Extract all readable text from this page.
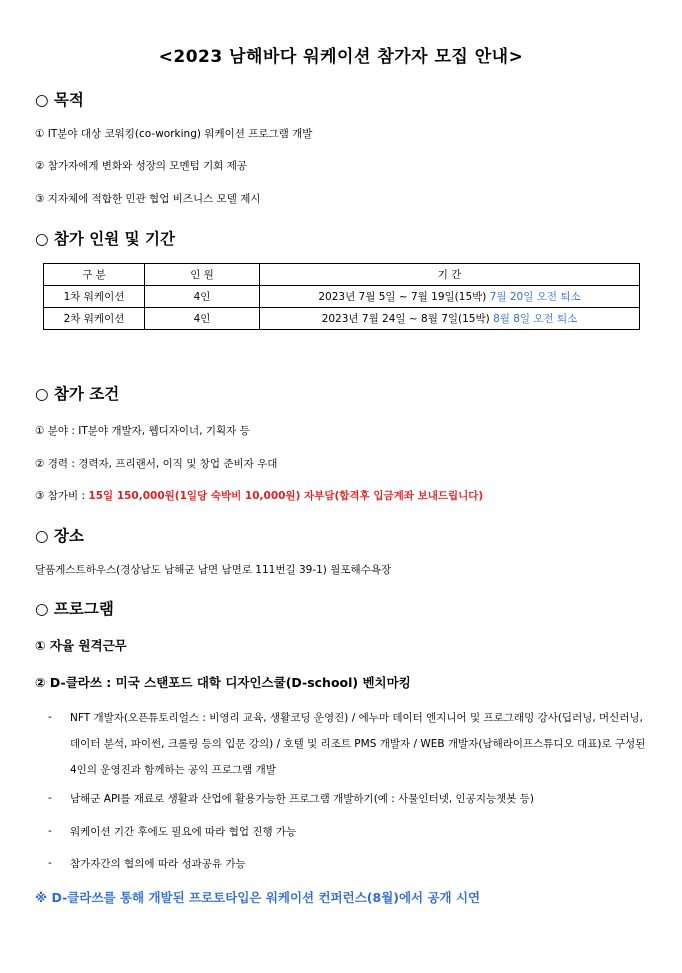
<2023 남해바다 워케이션 참가자 모집 안내>
○ 목적
① IT분야 대상 코워킹(co-working) 워케이션 프로그램 개발
② 참가자에게 변화와 성장의 모멘텀 기회 제공
③ 지자체에 적합한 민관 협업 비즈니스 모델 제시
○ 참가 인원 및 기간
구 분	인 원	기 간
1차 워케이션	4인	2023년 7월 5일 ~ 7월 19일(15박) 7월 20일 오전 퇴소
2차 워케이션	4인	2023년 7월 24일 ~ 8월 7일(15박) 8월 8일 오전 퇴소
○ 참가 조건
① 분야 : IT분야 개발자, 웹디자이너, 기획자 등
② 경력 : 경력자, 프리랜서, 이직 및 창업 준비자 우대
③ 참가비 : 15일 150,000원(1일당 숙박비 10,000원) 자부담(합격후 입금계좌 보내드립니다)
○ 장소
달품게스트하우스(경상남도 남해군 남면 남면로 111번길 39-1) 월포해수욕장
○ 프로그램
① 자율 원격근무
② D-클라쓰 : 미국 스탠포드 대학 디자인스쿨(D-school) 벤치마킹
- NFT 개발자(오픈튜토리얼스 : 비영리 교육, 생활코딩 운영진) / 에누마 데이터 엔지니어 및 프로그래밍 강사(딥러닝, 머신러닝, 데이터 분석, 파이썬, 크롤링 등의 입문 강의) / 호텔 및 리조트 PMS 개발자 / WEB 개발자(남해라이프스튜디오 대표)로 구성된 4인의 운영진과 함께하는 공익 프로그램 개발
- 남해군 API를 재료로 생활과 산업에 활용가능한 프로그램 개발하기(예 : 사물인터넷, 인공지능챗봇 등)
- 워케이션 기간 후에도 필요에 따라 협업 진행 가능
- 참가자간의 협의에 따라 성과공유 가능
※ D-클라쓰를 통해 개발된 프로토타입은 워케이션 컨퍼런스(8월)에서 공개 시연
